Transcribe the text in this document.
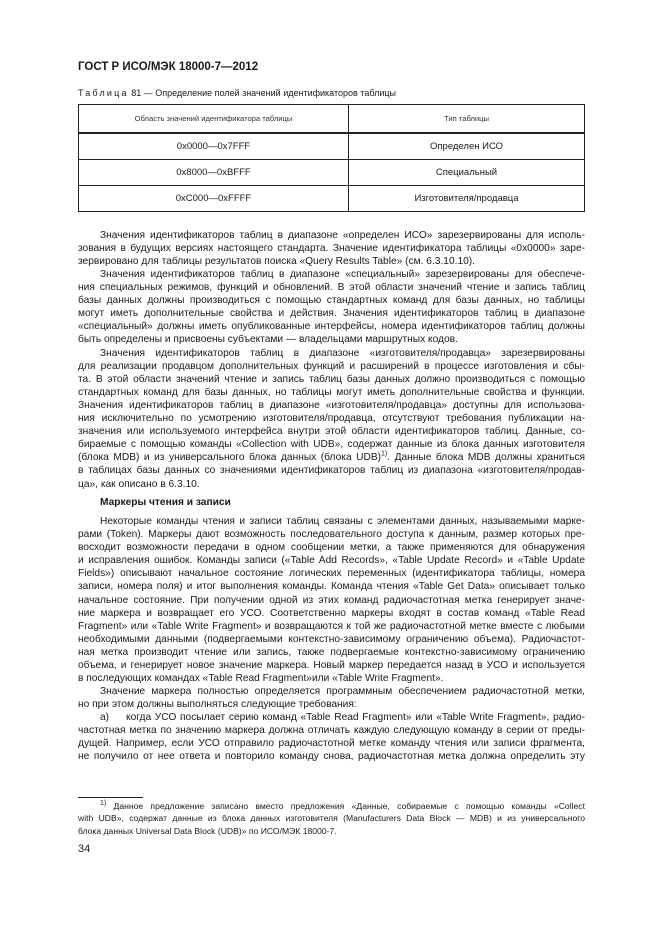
ГОСТ Р ИСО/МЭК 18000-7—2012
Таблица 81 — Определение полей значений идентификаторов таблицы
Область значений идентификатора таблицы	Тип таблицы
0x0000—0x7FFF	Определен ИСО
0x8000—0xBFFF	Специальный
0xC000—0xFFFF	Изготовителя/продавца
Значения идентификаторов таблиц в диапазоне «определен ИСО» зарезервированы для исполь-
зования в будущих версиях настоящего стандарта. Значение идентификатора таблицы «0x0000» заре-
зервировано для таблицы результатов поиска «Query Results Table» (см. 6.3.10.10).
Значения идентификаторов таблиц в диапазоне «специальный» зарезервированы для обеспече-
ния специальных режимов, функций и обновлений. В этой области значений чтение и запись таблиц
базы данных должны производиться с помощью стандартных команд для базы данных, но таблицы
могут иметь дополнительные свойства и действия. Значения идентификаторов таблиц в диапазоне
«специальный» должны иметь опубликованные интерфейсы, номера идентификаторов таблиц должны
быть определены и присвоены субъектами — владельцами маршрутных кодов.
Значения идентификаторов таблиц в диапазоне «изготовителя/продавца» зарезервированы
для реализации продавцом дополнительных функций и расширений в процессе изготовления и сбы-
та. В этой области значений чтение и запись таблиц базы данных должно производиться с помощью
стандартных команд для базы данных, но таблицы могут иметь дополнительные свойства и функции.
Значения идентификаторов таблиц в диапазоне «изготовителя/продавца» доступны для использова-
ния исключительно по усмотрению изготовителя/продавца, отсутствуют требования публикации на-
значения или используемого интерфейса внутри этой области идентификаторов таблиц. Данные, со-
бираемые с помощью команды «Collection with UDB», содержат данные из блока данных изготовителя
(блока MDB) и из универсального блока данных (блока UDB)$^{1)}$. Данные блока MDB должны храниться
в таблицах базы данных со значениями идентификаторов таблиц из диапазона «изготовителя/продав-
ца», как описано в 6.3.10.
Маркеры чтения и записи
Некоторые команды чтения и записи таблиц связаны с элементами данных, называемыми марке-
рами (Token). Маркеры дают возможность последовательного доступа к данным, размер которых пре-
восходит возможности передачи в одном сообщении метки, а также применяются для обнаружения
и исправления ошибок. Команды записи («Table Add Records», «Table Update Record» и «Table Update
Fields») описывают начальное состояние логических переменных (идентификатора таблицы, номера
записи, номера поля) и итог выполнения команды. Команда чтения «Table Get Data» описывает только
начальное состояние. При получении одной из этих команд радиочастотная метка генерирует значе-
ние маркера и возвращает его УСО. Соответственно маркеры входят в состав команд «Table Read
Fragment» или «Table Write Fragment» и возвращаются к той же радиочастотной метке вместе с любыми
необходимыми данными (подвергаемыми контекстно-зависимому ограничению объема). Радиочастот-
ная метка производит чтение или запись, также подвергаемые контекстно-зависимому ограничению
объема, и генерирует новое значение маркера. Новый маркер передается назад в УСО и используется
в последующих командах «Table Read Fragment»или «Table Write Fragment».
Значение маркера полностью определяется программным обеспечением радиочастотной метки,
но при этом должны выполняться следующие требования:
а) когда УСО посылает серию команд «Table Read Fragment» или «Table Write Fragment», радио-
частотная метка по значению маркера должна отличать каждую следующую команду в серии от преды-
дущей. Например, если УСО отправило радиочастотной метке команду чтения или записи фрагмента,
не получило от нее ответа и повторило команду снова, радиочастотная метка должна определить эту
$^{1)}$ Данное предложение записано вместо предложения «Данные, собираемые с помощью команды «Collect
with UDB», содержат данные из блока данных изготовителя (Manufacturers Data Block — MDB) и из универсального
блока данных Universal Data Block (UDB)» по ИСО/МЭК 18000-7.
34
